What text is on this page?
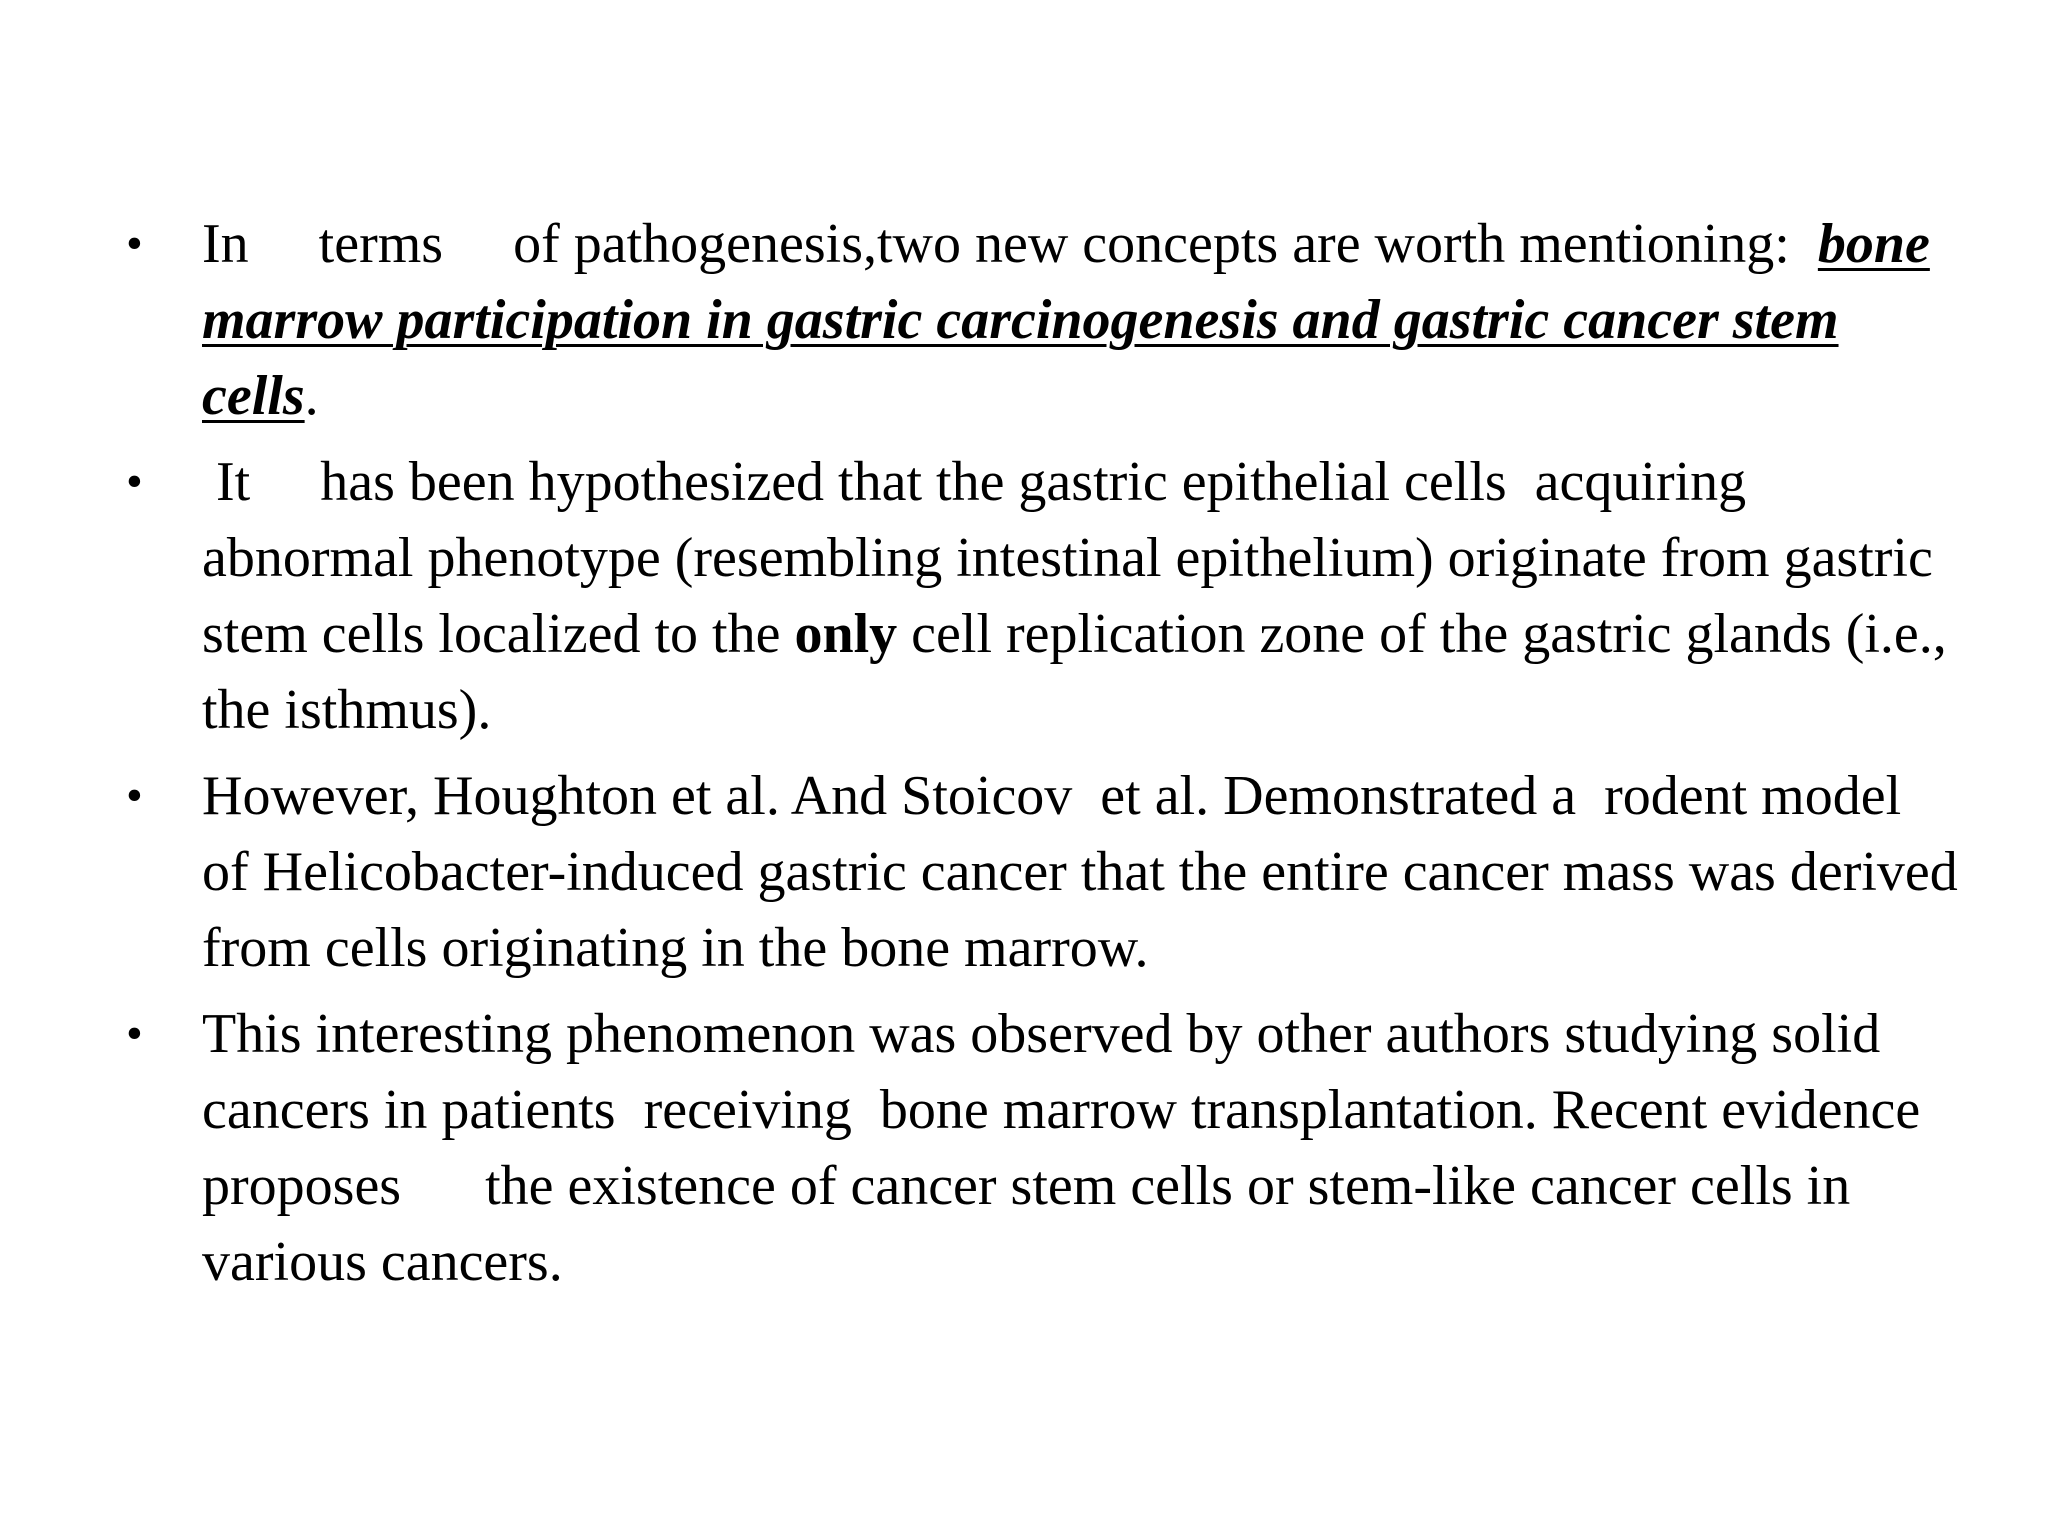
•	In     terms     of pathogenesis,two new concepts are worth mentioning:  bone marrow participation in gastric carcinogenesis and gastric cancer stem cells.
•	It     has been hypothesized that the gastric epithelial cells  acquiring abnormal phenotype (resembling intestinal epithelium) originate from gastric stem cells localized to the only cell replication zone of the gastric glands (i.e., the isthmus).
•	However, Houghton et al. And Stoicov  et al. Demonstrated a  rodent model of Helicobacter-induced gastric cancer that the entire cancer mass was derived from cells originating in the bone marrow.
•	This interesting phenomenon was observed by other authors studying solid cancers in patients  receiving  bone marrow transplantation. Recent evidence  proposes      the existence of cancer stem cells or stem-like cancer cells in  various cancers.
